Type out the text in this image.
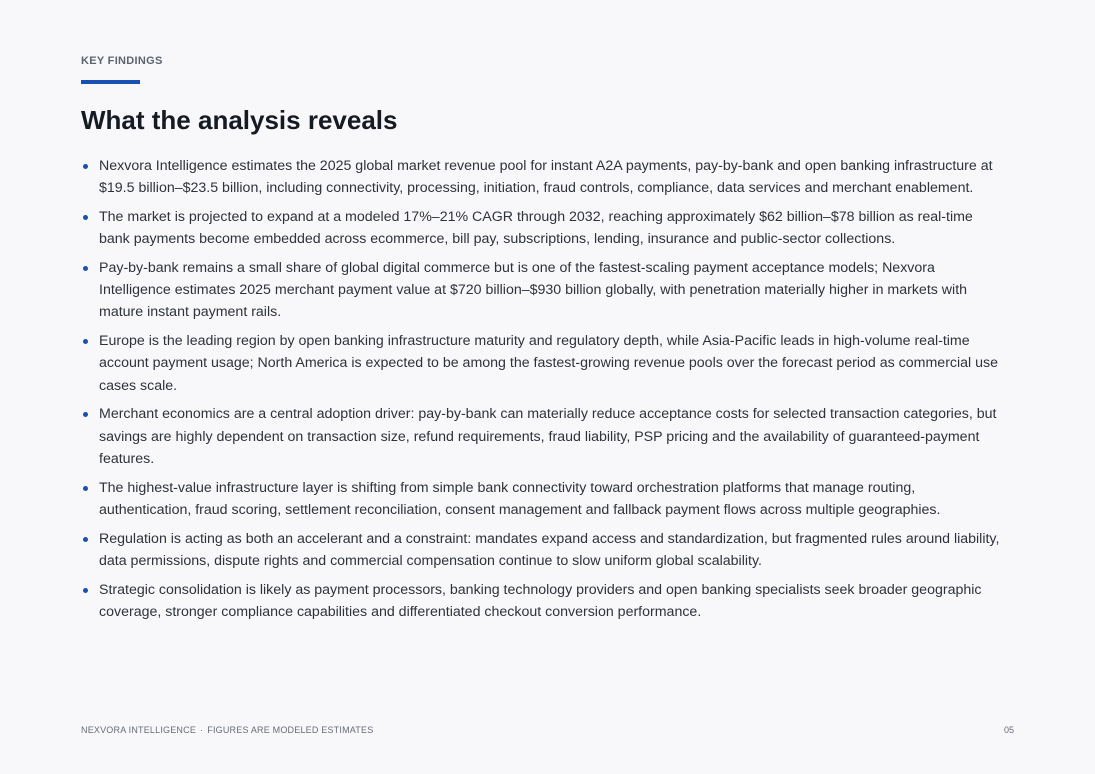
KEY FINDINGS
What the analysis reveals
Nexvora Intelligence estimates the 2025 global market revenue pool for instant A2A payments, pay-by-bank and open banking infrastructure at $19.5 billion–$23.5 billion, including connectivity, processing, initiation, fraud controls, compliance, data services and merchant enablement.
The market is projected to expand at a modeled 17%–21% CAGR through 2032, reaching approximately $62 billion–$78 billion as real-time bank payments become embedded across ecommerce, bill pay, subscriptions, lending, insurance and public-sector collections.
Pay-by-bank remains a small share of global digital commerce but is one of the fastest-scaling payment acceptance models; Nexvora Intelligence estimates 2025 merchant payment value at $720 billion–$930 billion globally, with penetration materially higher in markets with mature instant payment rails.
Europe is the leading region by open banking infrastructure maturity and regulatory depth, while Asia-Pacific leads in high-volume real-time account payment usage; North America is expected to be among the fastest-growing revenue pools over the forecast period as commercial use cases scale.
Merchant economics are a central adoption driver: pay-by-bank can materially reduce acceptance costs for selected transaction categories, but savings are highly dependent on transaction size, refund requirements, fraud liability, PSP pricing and the availability of guaranteed-payment features.
The highest-value infrastructure layer is shifting from simple bank connectivity toward orchestration platforms that manage routing, authentication, fraud scoring, settlement reconciliation, consent management and fallback payment flows across multiple geographies.
Regulation is acting as both an accelerant and a constraint: mandates expand access and standardization, but fragmented rules around liability, data permissions, dispute rights and commercial compensation continue to slow uniform global scalability.
Strategic consolidation is likely as payment processors, banking technology providers and open banking specialists seek broader geographic coverage, stronger compliance capabilities and differentiated checkout conversion performance.
NEXVORA INTELLIGENCE · FIGURES ARE MODELED ESTIMATES	05
